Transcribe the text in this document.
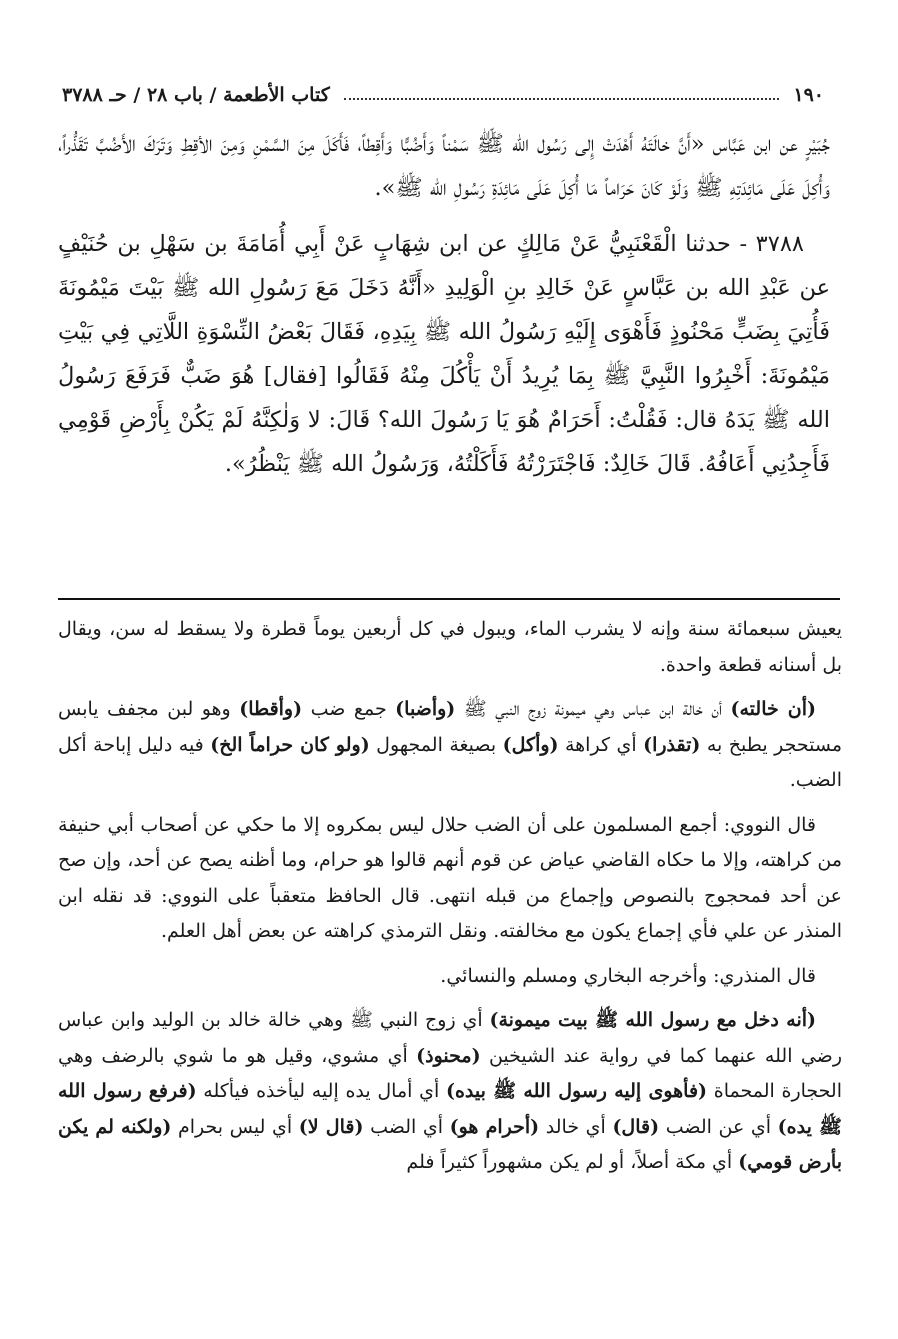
١٩٠
كتاب الأطعمة / باب ٢٨ / حـ ٣٧٨٨

جُبَيْرٍ عن ابن عَبَّاس «أَنَّ خالَتَهُ أَهْدَتْ إِلى رَسُول الله ﷺ سَمْناً وَأَضُبًّا وَأَقِطاً، فَأَكَلَ مِنَ السَّمْنِ وَمِنَ الأقِطِ وَتَرَكَ الأَضُبَّ تَقَذُّراً، وَأُكِلَ عَلَى مَائِدَتِهِ ﷺ وَلَوْ كَانَ حَرَاماً مَا أُكِلَ عَلَى مَائِدَةِ رَسُولِ الله ﷺ».

٣٧٨٨ - حدثنا الْقَعْنَبِيُّ عَنْ مَالِكٍ عن ابن شِهَابٍ عَنْ أَبِي أُمَامَةَ بن سَهْلِ بن حُنَيْفٍ عن عَبْدِ الله بن عَبَّاسٍ عَنْ خَالِدِ بنِ الْوَلِيدِ «أَنَّهُ دَخَلَ مَعَ رَسُولِ الله ﷺ بَيْتَ مَيْمُونَةَ فَأُتِيَ بِضَبٍّ مَحْنُوذٍ فَأَهْوَى إِلَيْهِ رَسُولُ الله ﷺ بِيَدِهِ، فَقَالَ بَعْضُ النِّسْوَةِ اللَّاتِي فِي بَيْتِ مَيْمُونَةَ: أَخْبِرُوا النَّبِيَّ ﷺ بِمَا يُرِيدُ أَنْ يَأْكُلَ مِنْهُ فَقَالُوا [فقال] هُوَ ضَبٌّ فَرَفَعَ رَسُولُ الله ﷺ يَدَهُ قال: فَقُلْتُ: أَحَرَامٌ هُوَ يَا رَسُولَ الله؟ قَالَ: لا وَلٰكِنَّهُ لَمْ يَكُنْ بِأَرْضِ قَوْمِي فَأَجِدُنِي أَعَافُهُ. قَالَ خَالِدٌ: فَاجْتَرَرْتُهُ فَأَكَلْتُهُ، وَرَسُولُ الله ﷺ يَنْظُرُ».

يعيش سبعمائة سنة وإنه لا يشرب الماء، ويبول في كل أربعين يوماً قطرة ولا يسقط له سن، ويقال بل أسنانه قطعة واحدة.

(أن خالته) أن خالة ابن عباس وهي ميمونة زوج النبي ﷺ (وأضبا) جمع ضب (وأقطا) وهو لبن مجفف يابس مستحجر يطبخ به (تقذرا) أي كراهة (وأكل) بصيغة المجهول (ولو كان حراماً الخ) فيه دليل إباحة أكل الضب.

قال النووي: أجمع المسلمون على أن الضب حلال ليس بمكروه إلا ما حكي عن أصحاب أبي حنيفة من كراهته، وإلا ما حكاه القاضي عياض عن قوم أنهم قالوا هو حرام، وما أظنه يصح عن أحد، وإن صح عن أحد فمحجوج بالنصوص وإجماع من قبله انتهى. قال الحافظ متعقباً على النووي: قد نقله ابن المنذر عن علي فأي إجماع يكون مع مخالفته. ونقل الترمذي كراهته عن بعض أهل العلم.

قال المنذري: وأخرجه البخاري ومسلم والنسائي.

(أنه دخل مع رسول الله ﷺ بيت ميمونة) أي زوج النبي ﷺ وهي خالة خالد بن الوليد وابن عباس رضي الله عنهما كما في رواية عند الشيخين (محنوذ) أي مشوي، وقيل هو ما شوي بالرضف وهي الحجارة المحماة (فأهوى إليه رسول الله ﷺ بيده) أي أمال يده إليه ليأخذه فيأكله (فرفع رسول الله ﷺ يده) أي عن الضب (قال) أي خالد (أحرام هو) أي الضب (قال لا) أي ليس بحرام (ولكنه لم يكن بأرض قومي) أي مكة أصلاً، أو لم يكن مشهوراً كثيراً فلم
